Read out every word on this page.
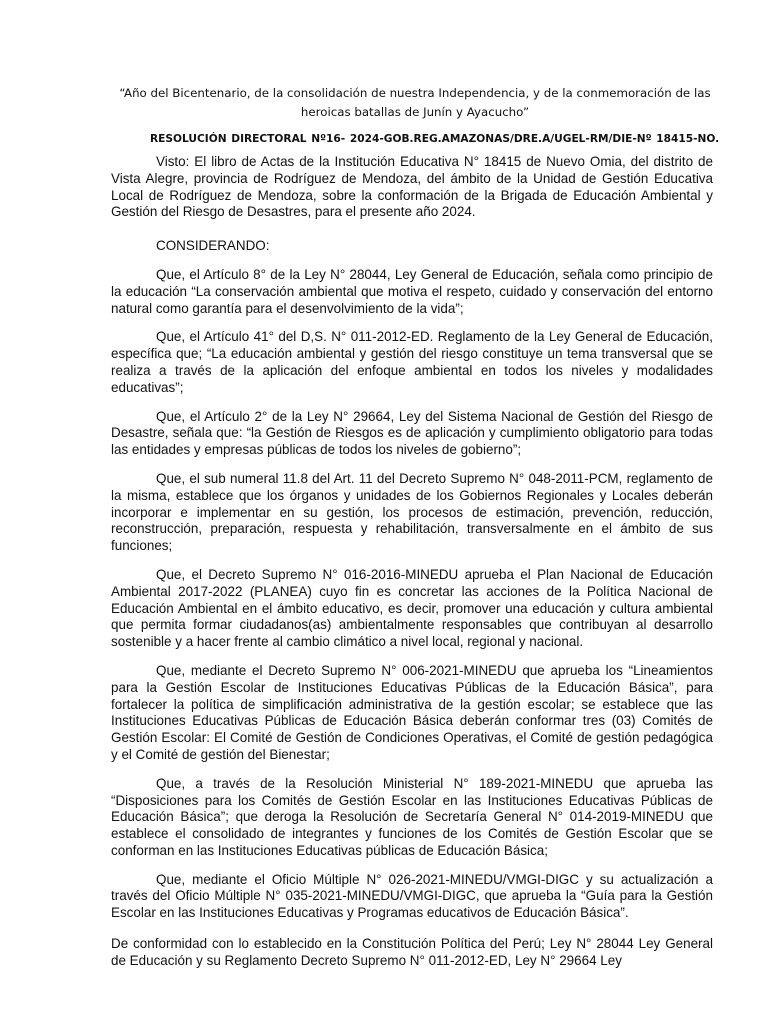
“Año del Bicentenario, de la consolidación de nuestra Independencia, y de la conmemoración de las heroicas batallas de Junín y Ayacucho”

RESOLUCIÓN DIRECTORAL Nº16- 2024-GOB.REG.AMAZONAS/DRE.A/UGEL-RM/DIE-Nº 18415-NO.

Visto: El libro de Actas de la Institución Educativa N° 18415 de Nuevo Omia, del distrito de Vista Alegre, provincia de Rodríguez de Mendoza, del ámbito de la Unidad de Gestión Educativa Local de Rodríguez de Mendoza, sobre la conformación de la Brigada de Educación Ambiental y Gestión del Riesgo de Desastres, para el presente año 2024.

CONSIDERANDO:

Que, el Artículo 8° de la Ley N° 28044, Ley General de Educación, señala como principio de la educación “La conservación ambiental que motiva el respeto, cuidado y conservación del entorno natural como garantía para el desenvolvimiento de la vida”;

Que, el Artículo 41° del D,S. N° 011-2012-ED. Reglamento de la Ley General de Educación, específica que; “La educación ambiental y gestión del riesgo constituye un tema transversal que se realiza a través de la aplicación del enfoque ambiental en todos los niveles y modalidades educativas”;

Que, el Artículo 2° de la Ley N° 29664, Ley del Sistema Nacional de Gestión del Riesgo de Desastre, señala que: “la Gestión de Riesgos es de aplicación y cumplimiento obligatorio para todas las entidades y empresas públicas de todos los niveles de gobierno”;

Que, el sub numeral 11.8 del Art. 11 del Decreto Supremo N° 048-2011-PCM, reglamento de la misma, establece que los órganos y unidades de los Gobiernos Regionales y Locales deberán incorporar e implementar en su gestión, los procesos de estimación, prevención, reducción, reconstrucción, preparación, respuesta y rehabilitación, transversalmente en el ámbito de sus funciones;

Que, el Decreto Supremo N° 016-2016-MINEDU aprueba el Plan Nacional de Educación Ambiental 2017-2022 (PLANEA) cuyo fin es concretar las acciones de la Política Nacional de Educación Ambiental en el ámbito educativo, es decir, promover una educación y cultura ambiental que permita formar ciudadanos(as) ambientalmente responsables que contribuyan al desarrollo sostenible y a hacer frente al cambio climático a nivel local, regional y nacional.

Que, mediante el Decreto Supremo N° 006-2021-MINEDU que aprueba los “Lineamientos para la Gestión Escolar de Instituciones Educativas Públicas de la Educación Básica”, para fortalecer la política de simplificación administrativa de la gestión escolar; se establece que las Instituciones Educativas Públicas de Educación Básica deberán conformar tres (03) Comités de Gestión Escolar: El Comité de Gestión de Condiciones Operativas, el Comité de gestión pedagógica y el Comité de gestión del Bienestar;

Que, a través de la Resolución Ministerial N° 189-2021-MINEDU que aprueba las “Disposiciones para los Comités de Gestión Escolar en las Instituciones Educativas Públicas de Educación Básica”; que deroga la Resolución de Secretaría General N° 014-2019-MINEDU que establece el consolidado de integrantes y funciones de los Comités de Gestión Escolar que se conforman en las Instituciones Educativas públicas de Educación Básica;

Que, mediante el Oficio Múltiple N° 026-2021-MINEDU/VMGI-DIGC y su actualización a través del Oficio Múltiple N° 035-2021-MINEDU/VMGI-DIGC, que aprueba la “Guía para la Gestión Escolar en las Instituciones Educativas y Programas educativos de Educación Básica”.

De conformidad con lo establecido en la Constitución Política del Perú; Ley N° 28044 Ley General de Educación y su Reglamento Decreto Supremo N° 011-2012-ED, Ley N° 29664 Ley
